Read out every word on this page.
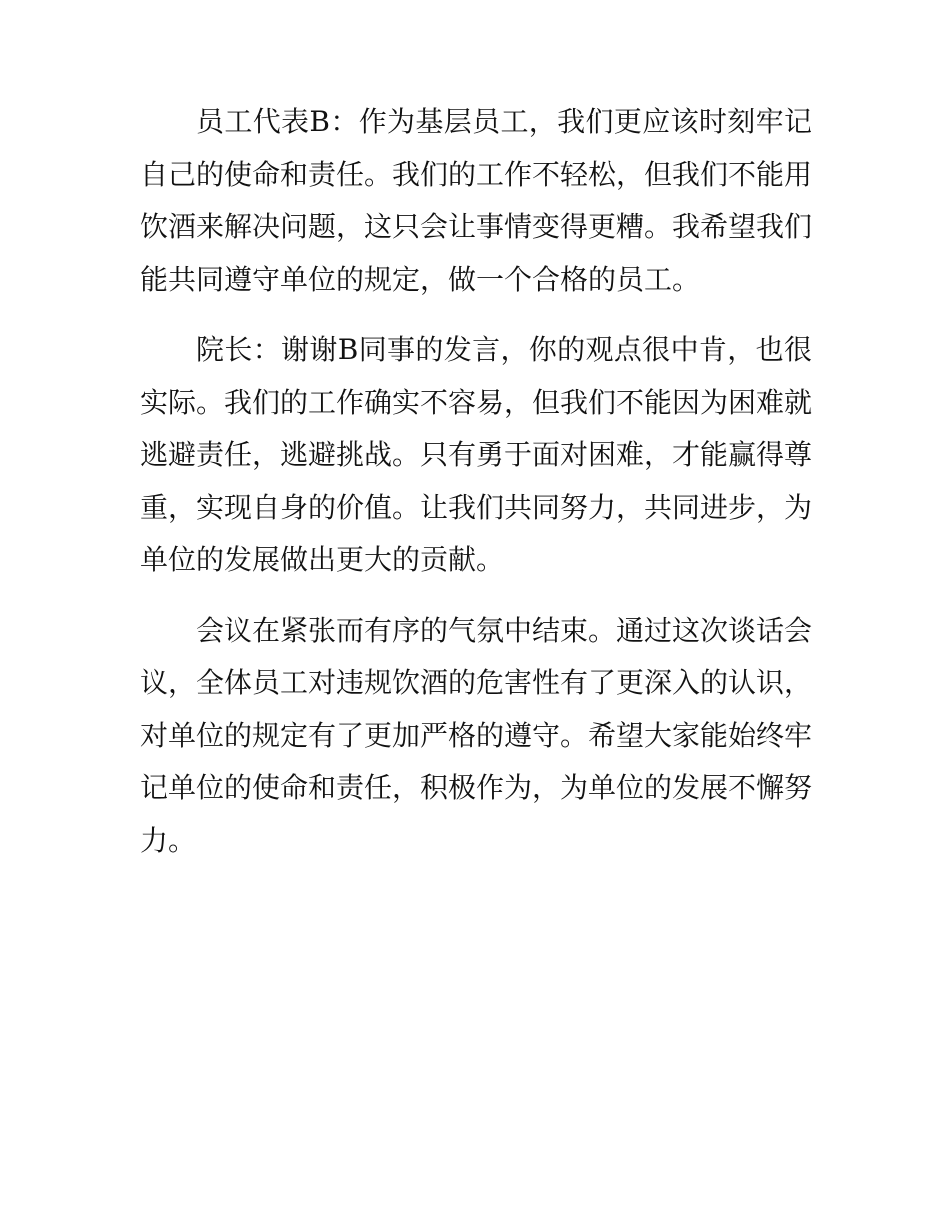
员工代表B：作为基层员工，我们更应该时刻牢记自己的使命和责任。我们的工作不轻松，但我们不能用饮酒来解决问题，这只会让事情变得更糟。我希望我们能共同遵守单位的规定，做一个合格的员工。

院长：谢谢B同事的发言，你的观点很中肯，也很实际。我们的工作确实不容易，但我们不能因为困难就逃避责任，逃避挑战。只有勇于面对困难，才能赢得尊重，实现自身的价值。让我们共同努力，共同进步，为单位的发展做出更大的贡献。

会议在紧张而有序的气氛中结束。通过这次谈话会议，全体员工对违规饮酒的危害性有了更深入的认识，对单位的规定有了更加严格的遵守。希望大家能始终牢记单位的使命和责任，积极作为，为单位的发展不懈努力。
